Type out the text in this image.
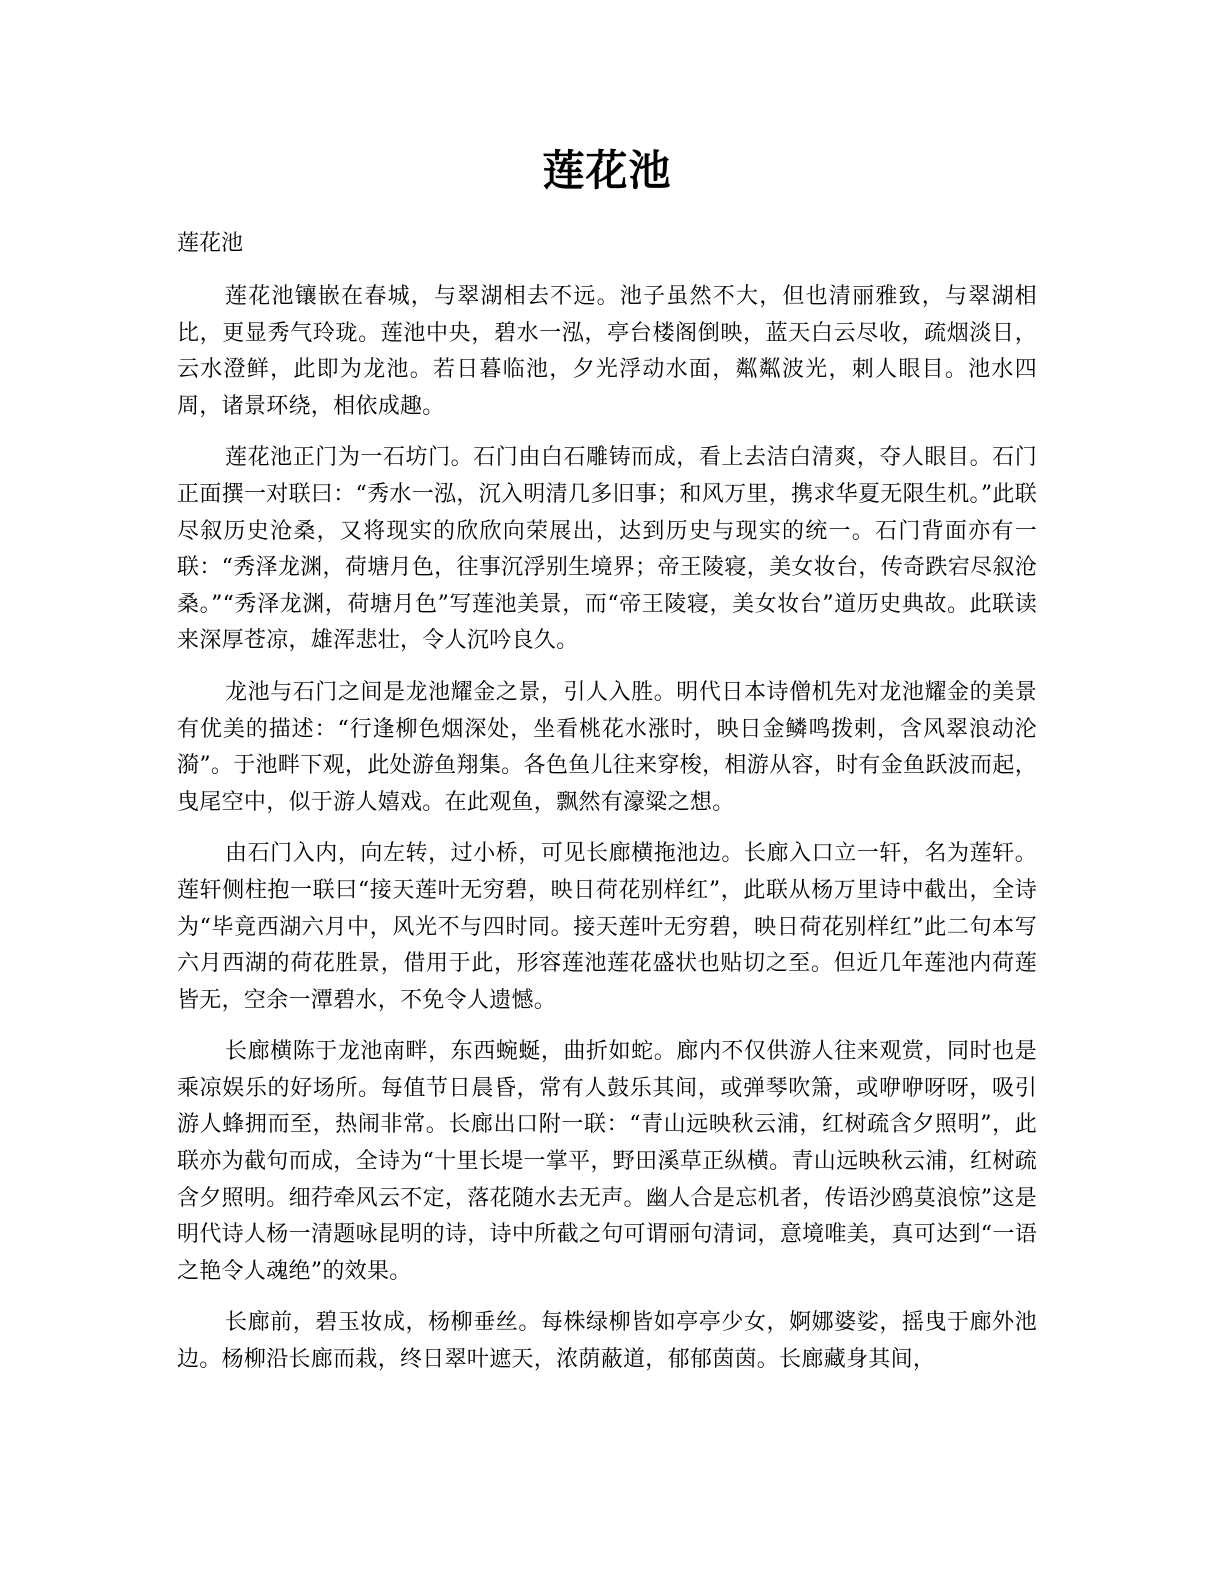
莲花池

莲花池

莲花池镶嵌在春城，与翠湖相去不远。池子虽然不大，但也清丽雅致，与翠湖相比，更显秀气玲珑。莲池中央，碧水一泓，亭台楼阁倒映，蓝天白云尽收，疏烟淡日，云水澄鲜，此即为龙池。若日暮临池，夕光浮动水面，粼粼波光，刺人眼目。池水四周，诸景环绕，相依成趣。

莲花池正门为一石坊门。石门由白石雕铸而成，看上去洁白清爽，夺人眼目。石门正面撰一对联曰：“秀水一泓，沉入明清几多旧事；和风万里，携求华夏无限生机。”此联尽叙历史沧桑，又将现实的欣欣向荣展出，达到历史与现实的统一。石门背面亦有一联：“秀泽龙渊，荷塘月色，往事沉浮别生境界；帝王陵寝，美女妆台，传奇跌宕尽叙沧桑。”“秀泽龙渊，荷塘月色”写莲池美景，而“帝王陵寝，美女妆台”道历史典故。此联读来深厚苍凉，雄浑悲壮，令人沉吟良久。

龙池与石门之间是龙池耀金之景，引人入胜。明代日本诗僧机先对龙池耀金的美景有优美的描述：“行逢柳色烟深处，坐看桃花水涨时，映日金鳞鸣拨剌，含风翠浪动沦漪”。于池畔下观，此处游鱼翔集。各色鱼儿往来穿梭，相游从容，时有金鱼跃波而起，曳尾空中，似于游人嬉戏。在此观鱼，飘然有濠粱之想。

由石门入内，向左转，过小桥，可见长廊横拖池边。长廊入口立一轩，名为莲轩。莲轩侧柱抱一联曰“接天莲叶无穷碧，映日荷花别样红”，此联从杨万里诗中截出，全诗为“毕竟西湖六月中，风光不与四时同。接天莲叶无穷碧，映日荷花别样红”此二句本写六月西湖的荷花胜景，借用于此，形容莲池莲花盛状也贴切之至。但近几年莲池内荷莲皆无，空余一潭碧水，不免令人遗憾。

长廊横陈于龙池南畔，东西蜿蜒，曲折如蛇。廊内不仅供游人往来观赏，同时也是乘凉娱乐的好场所。每值节日晨昏，常有人鼓乐其间，或弹琴吹箫，或咿咿呀呀，吸引游人蜂拥而至，热闹非常。长廊出口附一联：“青山远映秋云浦，红树疏含夕照明”，此联亦为截句而成，全诗为“十里长堤一掌平，野田溪草正纵横。青山远映秋云浦，红树疏含夕照明。细荇牵风云不定，落花随水去无声。幽人合是忘机者，传语沙鸥莫浪惊”这是明代诗人杨一清题咏昆明的诗，诗中所截之句可谓丽句清词，意境唯美，真可达到“一语之艳令人魂绝”的效果。

长廊前，碧玉妆成，杨柳垂丝。每株绿柳皆如亭亭少女，婀娜婆娑，摇曳于廊外池边。杨柳沿长廊而栽，终日翠叶遮天，浓荫蔽道，郁郁茵茵。长廊藏身其间，
